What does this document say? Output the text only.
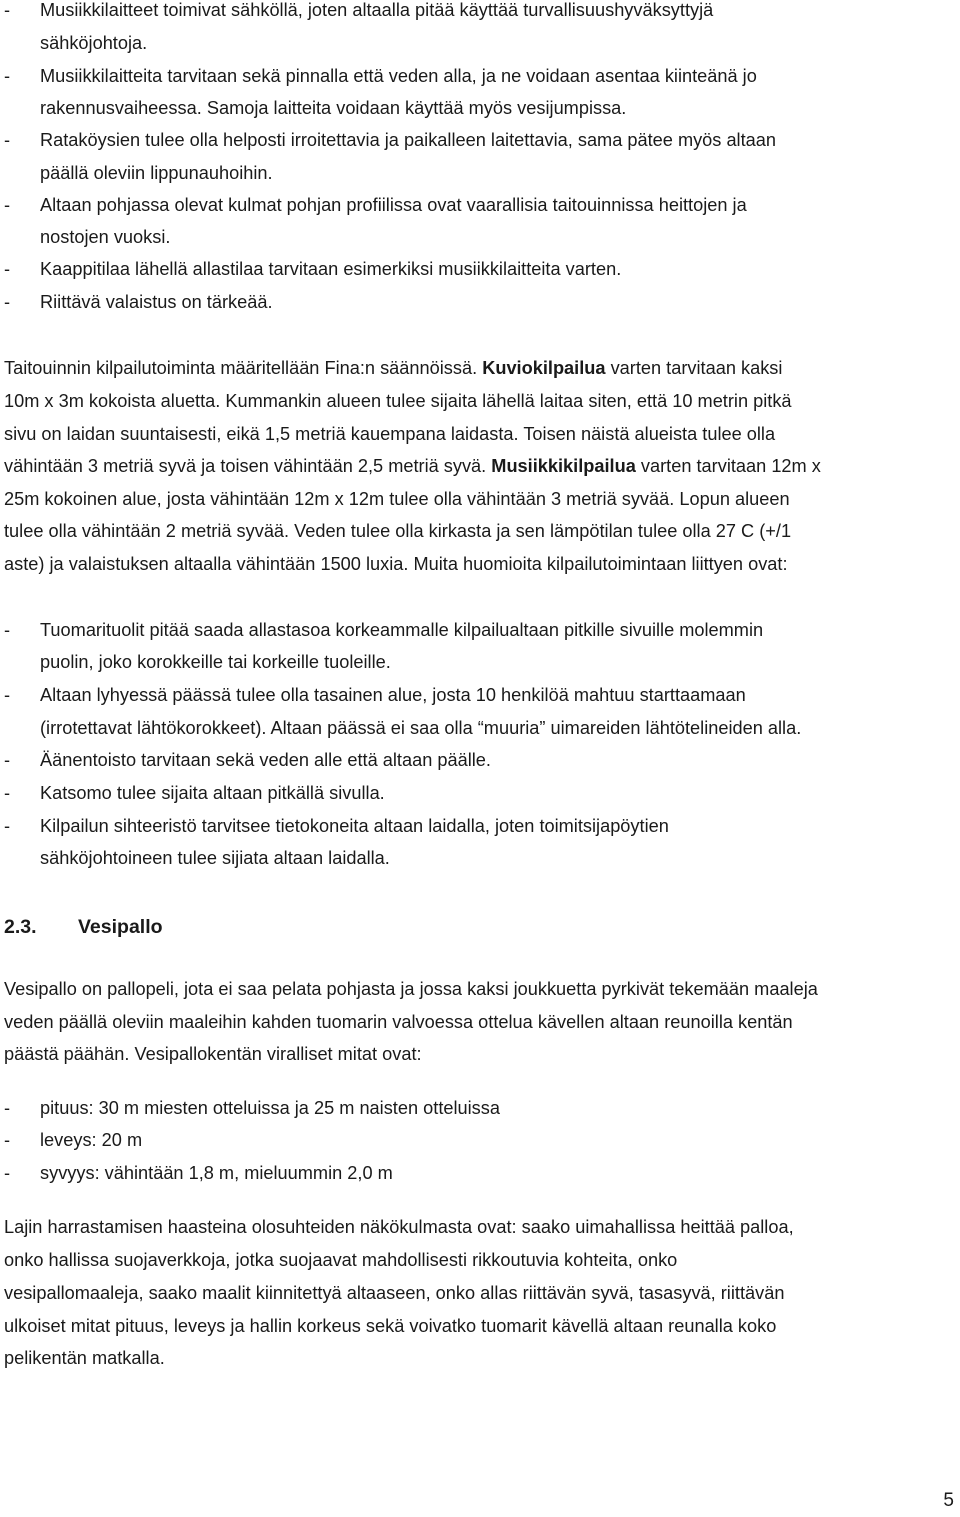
- Musiikkilaitteet toimivat sähköllä, joten altaalla pitää käyttää turvallisuushyväksyttyjä
sähköjohtoja.
- Musiikkilaitteita tarvitaan sekä pinnalla että veden alla, ja ne voidaan asentaa kiinteänä jo
rakennusvaiheessa. Samoja laitteita voidaan käyttää myös vesijumpissa.
- Rataköysien tulee olla helposti irroitettavia ja paikalleen laitettavia, sama pätee myös altaan
päällä oleviin lippunauhoihin.
- Altaan pohjassa olevat kulmat pohjan profiilissa ovat vaarallisia taitouinnissa heittojen ja
nostojen vuoksi.
- Kaappitilaa lähellä allastilaa tarvitaan esimerkiksi musiikkilaitteita varten.
- Riittävä valaistus on tärkeää.
Taitouinnin kilpailutoiminta määritellään Fina:n säännöissä. Kuviokilpailua varten tarvitaan kaksi
10m x 3m kokoista aluetta. Kummankin alueen tulee sijaita lähellä laitaa siten, että 10 metrin pitkä
sivu on laidan suuntaisesti, eikä 1,5 metriä kauempana laidasta. Toisen näistä alueista tulee olla
vähintään 3 metriä syvä ja toisen vähintään 2,5 metriä syvä. Musiikkikilpailua varten tarvitaan 12m x
25m kokoinen alue, josta vähintään 12m x 12m tulee olla vähintään 3 metriä syvää. Lopun alueen
tulee olla vähintään 2 metriä syvää. Veden tulee olla kirkasta ja sen lämpötilan tulee olla 27 C (+/1
aste) ja valaistuksen altaalla vähintään 1500 luxia. Muita huomioita kilpailutoimintaan liittyen ovat:
- Tuomarituolit pitää saada allastasoa korkeammalle kilpailualtaan pitkille sivuille molemmin
puolin, joko korokkeille tai korkeille tuoleille.
- Altaan lyhyessä päässä tulee olla tasainen alue, josta 10 henkilöä mahtuu starttaamaan
(irrotettavat lähtökorokkeet). Altaan päässä ei saa olla “muuria” uimareiden lähtötelineiden alla.
- Äänentoisto tarvitaan sekä veden alle että altaan päälle.
- Katsomo tulee sijaita altaan pitkällä sivulla.
- Kilpailun sihteeristö tarvitsee tietokoneita altaan laidalla, joten toimitsijapöytien
sähköjohtoineen tulee sijiata altaan laidalla.
2.3. Vesipallo
Vesipallo on pallopeli, jota ei saa pelata pohjasta ja jossa kaksi joukkuetta pyrkivät tekemään maaleja
veden päällä oleviin maaleihin kahden tuomarin valvoessa ottelua kävellen altaan reunoilla kentän
päästä päähän. Vesipallokentän viralliset mitat ovat:
- pituus: 30 m miesten otteluissa ja 25 m naisten otteluissa
- leveys: 20 m
- syvyys: vähintään 1,8 m, mieluummin 2,0 m
Lajin harrastamisen haasteina olosuhteiden näkökulmasta ovat: saako uimahallissa heittää palloa,
onko hallissa suojaverkkoja, jotka suojaavat mahdollisesti rikkoutuvia kohteita, onko
vesipallomaaleja, saako maalit kiinnitettyä altaaseen, onko allas riittävän syvä, tasasyvä, riittävän
ulkoiset mitat pituus, leveys ja hallin korkeus sekä voivatko tuomarit kävellä altaan reunalla koko
pelikentän matkalla.
5
